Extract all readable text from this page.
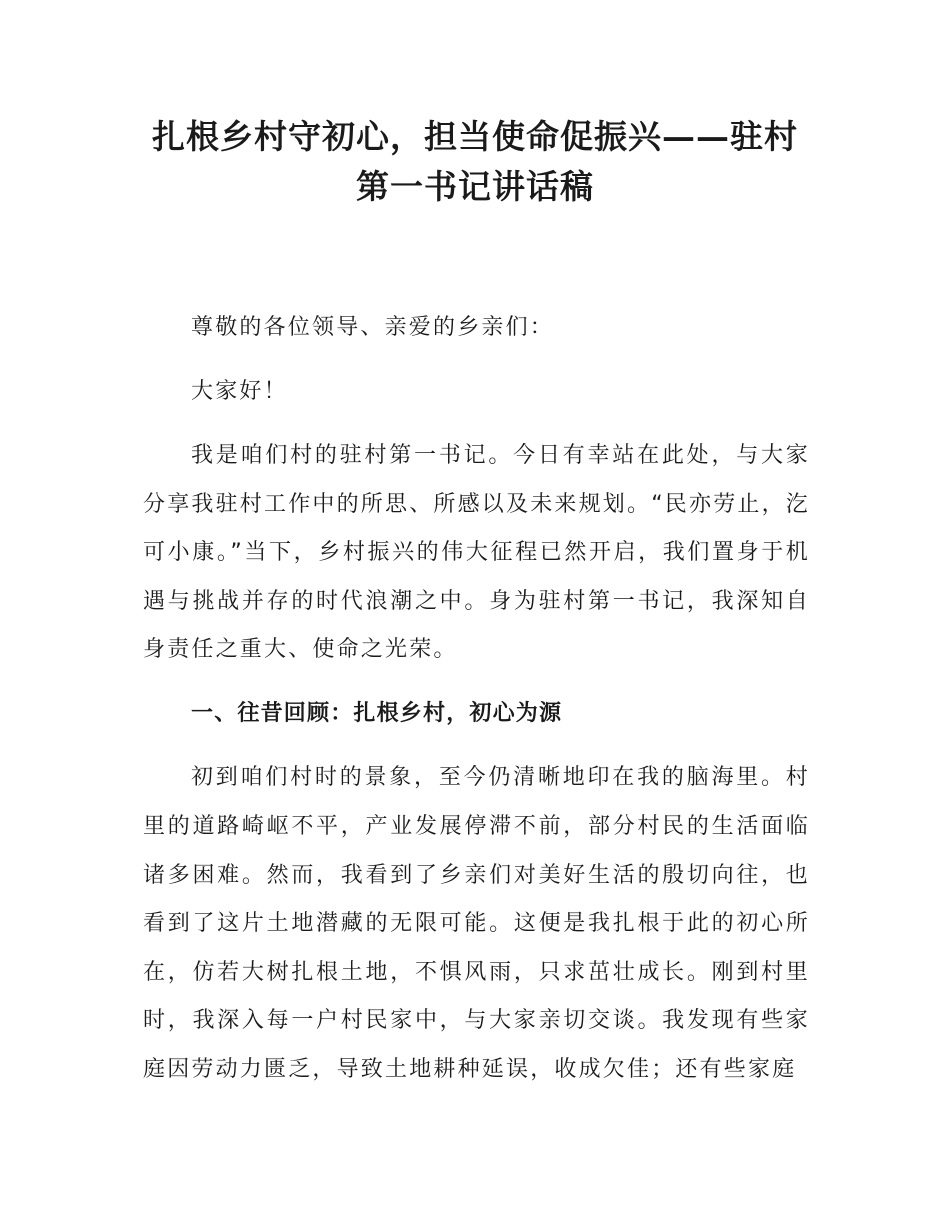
扎根乡村守初心，担当使命促振兴——驻村
第一书记讲话稿

尊敬的各位领导、亲爱的乡亲们：

大家好！

我是咱们村的驻村第一书记。今日有幸站在此处，与大家分享我驻村工作中的所思、所感以及未来规划。“民亦劳止，汔可小康。”当下，乡村振兴的伟大征程已然开启，我们置身于机遇与挑战并存的时代浪潮之中。身为驻村第一书记，我深知自身责任之重大、使命之光荣。

一、往昔回顾：扎根乡村，初心为源

初到咱们村时的景象，至今仍清晰地印在我的脑海里。村里的道路崎岖不平，产业发展停滞不前，部分村民的生活面临诸多困难。然而，我看到了乡亲们对美好生活的殷切向往，也看到了这片土地潜藏的无限可能。这便是我扎根于此的初心所在，仿若大树扎根土地，不惧风雨，只求茁壮成长。刚到村里时，我深入每一户村民家中，与大家亲切交谈。我发现有些家庭因劳动力匮乏，导致土地耕种延误，收成欠佳；还有些家庭
